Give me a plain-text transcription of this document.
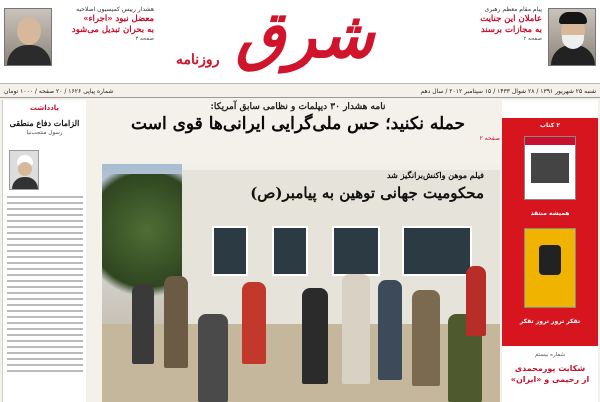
پیام مقام معظم رهبری
عاملان این جنایت
به مجازات برسند
صفحه ۲
شرق
روزنامه
هشدار رییس کمیسیون اصلاحیه
معضل نبود «اجراء»
به بحران تبدیل می‌شود
صفحه ۳
شنبه ۲۵ شهریور ۱۳۹۱ / ۲۸ شوال ۱۴۳۳ / ۱۵ سپتامبر ۲۰۱۲ / سال دهم
شماره پیاپی ۱۶۲۶ / ۲۰ صفحه / ۱۰۰۰ تومان
۲ کتاب
همیشه منتقد
تقکر ترور تروز تقکر
شماره بیستم
شکایت پورمحمدی
از رحیمی و «ایران»
یادداشت
الزامات دفاع منطقی
رسول منتجب‌نیا
نامه هشدار ۳۰ دیپلمات و نظامی سابق آمریکا:
حمله نکنید؛ حس ملی‌گرایی ایرانی‌ها قوی است
صفحه ۲
فیلم موهن واکنش‌برانگیز شد
محکومیت جهانی توهین به پیامبر(ص)
